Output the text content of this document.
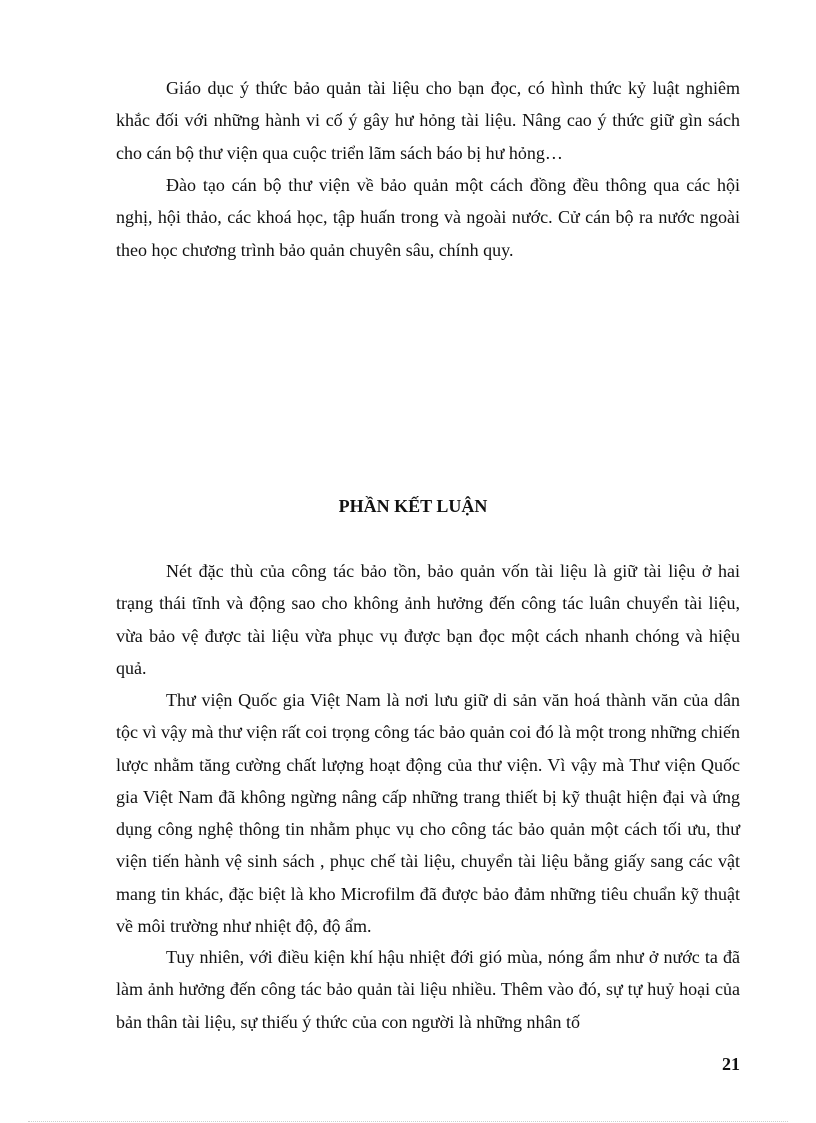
Giáo dục ý thức bảo quản tài liệu cho bạn đọc, có hình thức kỷ luật nghiêm khắc đối với những hành vi cố ý gây hư hỏng tài liệu. Nâng cao ý thức giữ gìn sách cho cán bộ thư viện qua cuộc triển lãm sách báo bị hư hỏng…

Đào tạo cán bộ thư viện về bảo quản một cách đồng đều thông qua các hội nghị, hội thảo, các khoá học, tập huấn trong và ngoài nước. Cử cán bộ ra nước ngoài theo học chương trình bảo quản chuyên sâu, chính quy.

PHẦN KẾT LUẬN

Nét đặc thù của công tác bảo tồn, bảo quản vốn tài liệu là giữ tài liệu ở hai trạng thái tĩnh và động sao cho không ảnh hưởng đến công tác luân chuyển tài liệu, vừa bảo vệ được tài liệu vừa phục vụ được bạn đọc một cách nhanh chóng và hiệu quả.

Thư viện Quốc gia Việt Nam là nơi lưu giữ di sản văn hoá thành văn của dân tộc vì vậy mà thư viện rất coi trọng công tác bảo quản coi đó là một trong những chiến lược nhằm tăng cường chất lượng hoạt động của thư viện. Vì vậy mà Thư viện Quốc gia Việt Nam đã không ngừng nâng cấp những trang thiết bị kỹ thuật hiện đại và ứng dụng công nghệ thông tin nhằm phục vụ cho công tác bảo quản một cách tối ưu, thư viện tiến hành vệ sinh sách , phục chế tài liệu, chuyển tài liệu bằng giấy sang các vật mang tin khác, đặc biệt là kho Microfilm đã được bảo đảm những tiêu chuẩn kỹ thuật về môi trường như nhiệt độ, độ ẩm.

Tuy nhiên, với điều kiện khí hậu nhiệt đới gió mùa, nóng ẩm như ở nước ta đã làm ảnh hưởng đến công tác bảo quản tài liệu nhiều. Thêm vào đó, sự tự huỷ hoại của bản thân tài liệu, sự thiếu ý thức của con người là những nhân tố

21
